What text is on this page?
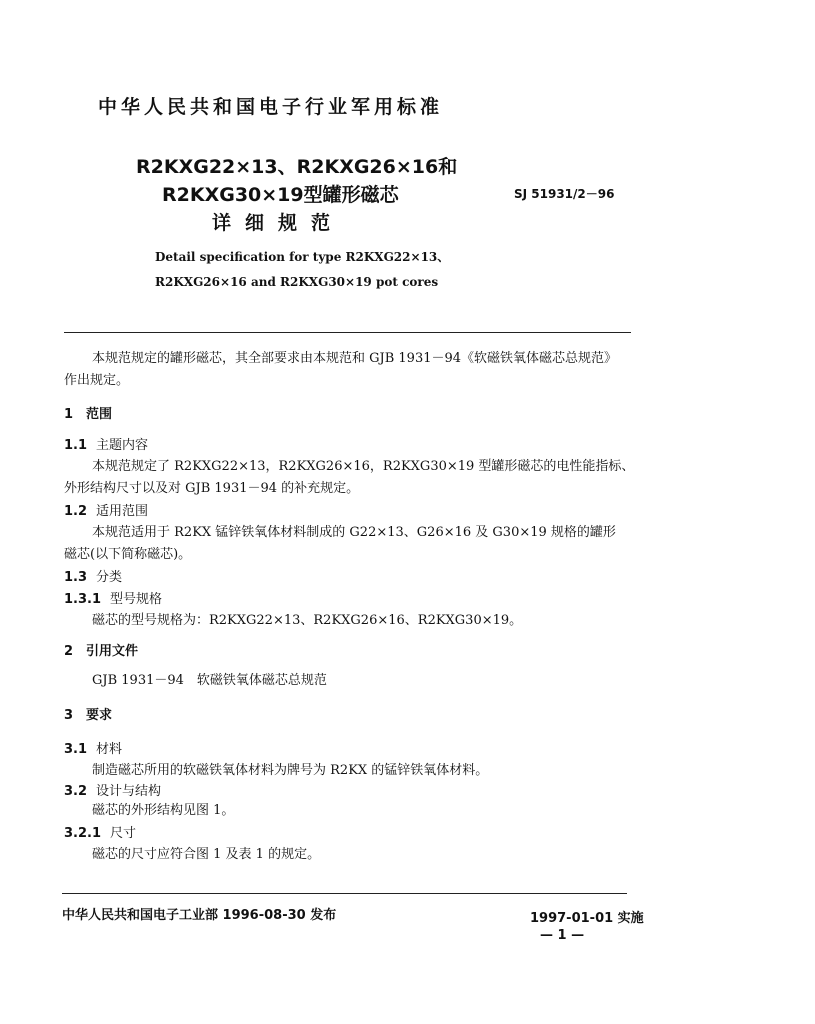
中华人民共和国电子行业军用标准
R2KXG22×13、R2KXG26×16和
R2KXG30×19型罐形磁芯
详细规范
SJ 51931/2－96
Detail specification for type R2KXG22×13、
R2KXG26×16 and R2KXG30×19 pot cores
本规范规定的罐形磁芯，其全部要求由本规范和 GJB 1931－94《软磁铁氧体磁芯总规范》
作出规定。
1　范围
1.1 主题内容
本规范规定了 R2KXG22×13，R2KXG26×16，R2KXG30×19 型罐形磁芯的电性能指标、
外形结构尺寸以及对 GJB 1931－94 的补充规定。
1.2 适用范围
本规范适用于 R2KX 锰锌铁氧体材料制成的 G22×13、G26×16 及 G30×19 规格的罐形
磁芯(以下简称磁芯)。
1.3 分类
1.3.1 型号规格
磁芯的型号规格为：R2KXG22×13、R2KXG26×16、R2KXG30×19。
2　引用文件
GJB 1931－94　软磁铁氧体磁芯总规范
3　要求
3.1 材料
制造磁芯所用的软磁铁氧体材料为牌号为 R2KX 的锰锌铁氧体材料。
3.2 设计与结构
磁芯的外形结构见图 1。
3.2.1 尺寸
磁芯的尺寸应符合图 1 及表 1 的规定。
中华人民共和国电子工业部 1996-08-30 发布	1997-01-01 实施
— 1 —
